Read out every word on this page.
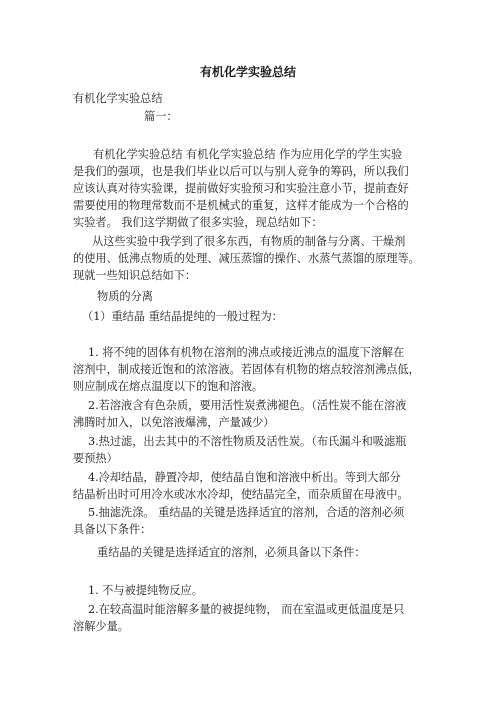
有机化学实验总结
有机化学实验总结
篇一：
有机化学实验总结 有机化学实验总结 作为应用化学的学生实验
是我们的强项，也是我们毕业以后可以与别人竞争的筹码，所以我们
应该认真对待实验课，提前做好实验预习和实验注意小节，提前查好
需要使用的物理常数而不是机械式的重复，这样才能成为一个合格的
实验者。 我们这学期做了很多实验，现总结如下：
从这些实验中我学到了很多东西，有物质的制备与分离、干燥剂
的使用、低沸点物质的处理、减压蒸馏的操作、水蒸气蒸馏的原理等。
现就一些知识总结如下：
物质的分离
（1）重结晶 重结晶提纯的一般过程为：
1. 将不纯的固体有机物在溶剂的沸点或接近沸点的温度下溶解在
溶剂中，制成接近饱和的浓溶液。若固体有机物的熔点较溶剂沸点低，
则应制成在熔点温度以下的饱和溶液。
2.若溶液含有色杂质，要用活性炭煮沸褪色。（活性炭不能在溶液
沸腾时加入，以免溶液爆沸，产量减少）
3.热过滤，出去其中的不溶性物质及活性炭。（布氏漏斗和吸滤瓶
要预热）
4.冷却结晶，静置冷却，使结晶自饱和溶液中析出。等到大部分
结晶析出时可用冷水或冰水冷却，使结晶完全，而杂质留在母液中。
5.抽滤洗涤。 重结晶的关键是选择适宜的溶剂，合适的溶剂必须
具备以下条件：
重结晶的关键是选择适宜的溶剂，必须具备以下条件：
1. 不与被提纯物反应。
2.在较高温时能溶解多量的被提纯物， 而在室温或更低温度是只
溶解少量。
